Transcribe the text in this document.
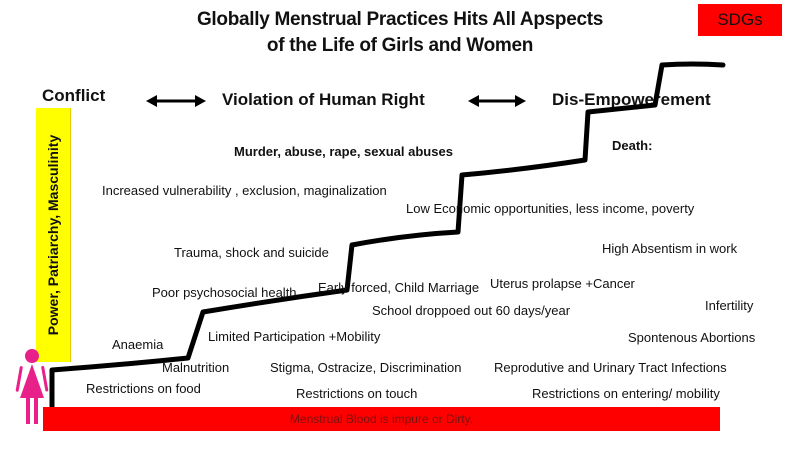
Globally Menstrual Practices Hits All Apspects
of the Life of Girls and Women
SDGs
Conflict	Violation of Human Right	Dis-Empowerement
Power, Patriarchy, Masculinity	Murder, abuse, rape, sexual abuses	Death:
Increased vulnerability , exclusion, maginalization
Low Economic opportunities, less income, poverty
Trauma, shock and suicide	High Absentism in work
Early forced, Child Marriage Uterus prolapse +Cancer
Poor psychosocial health
School droppoed out 60 days/year	Infertility
Limited Participation +Mobility	Spontenous Abortions
Anaemia
Malnutrition	Stigma, Ostracize, Discrimination	Reprodutive and Urinary Tract Infections
Restrictions on food	Restrictions on touch	Restrictions on entering/ mobility
Menstrual Blood is impure or Dirty.
